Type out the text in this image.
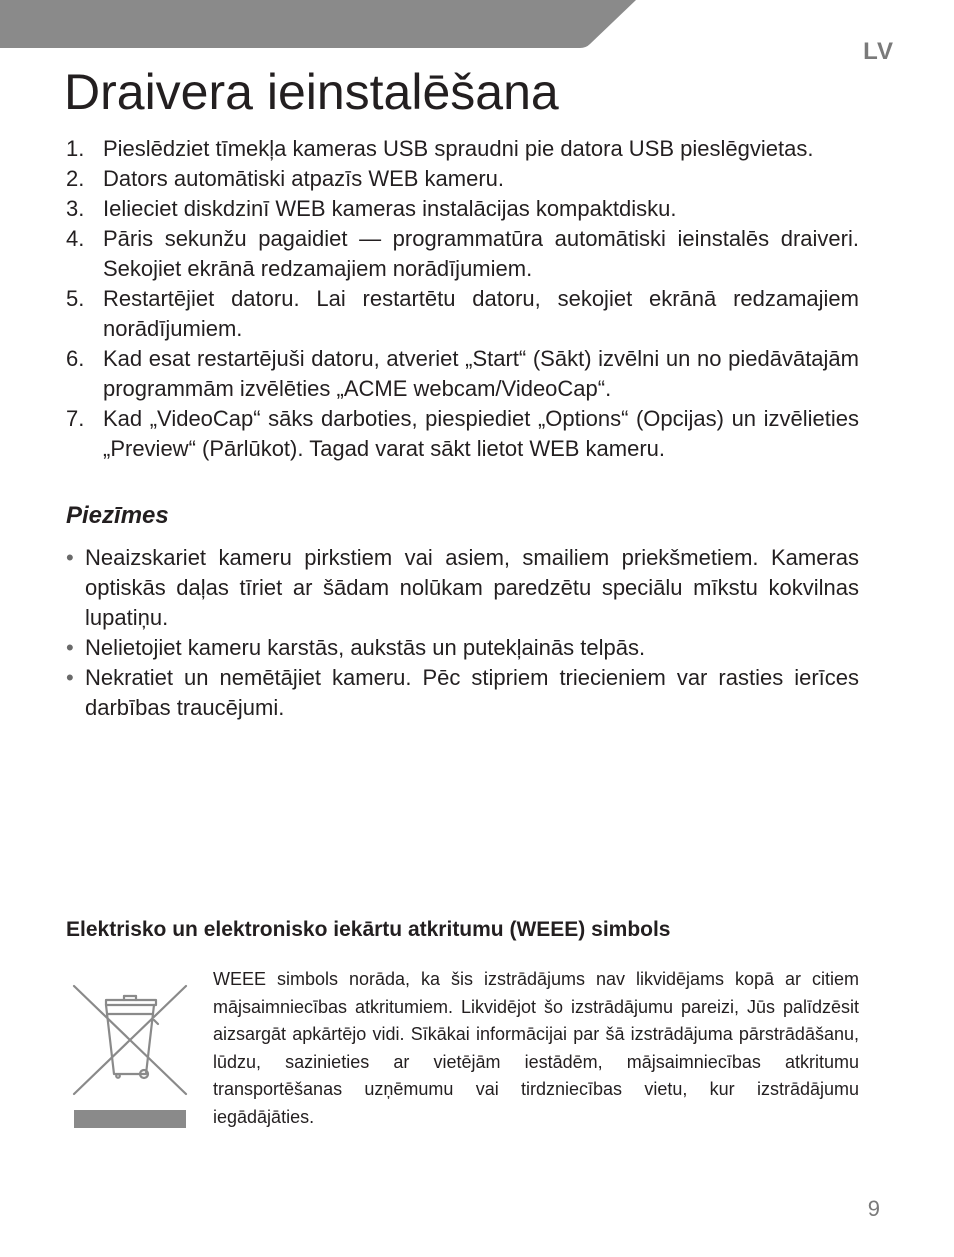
LV
Draivera ieinstalēšana
1. Pieslēdziet tīmekļa kameras USB spraudni pie datora USB pieslēgvietas.
2. Dators automātiski atpazīs WEB kameru.
3. Ielieciet diskdzinī WEB kameras instalācijas kompaktdisku.
4. Pāris sekunžu pagaidiet — programmatūra automātiski ieinstalēs draiveri. Sekojiet ekrānā redzamajiem norādījumiem.
5. Restartējiet datoru. Lai restartētu datoru, sekojiet ekrānā redzamajiem norādījumiem.
6. Kad esat restartējuši datoru, atveriet „Start“ (Sākt) izvēlni un no piedāvātajām programmām izvēlēties „ACME webcam/VideoCap“.
7. Kad „VideoCap“ sāks darboties, piespiediet „Options“ (Opcijas) un izvēlieties „Preview“ (Pārlūkot). Tagad varat sākt lietot WEB kameru.
Piezīmes
• Neaizskariet kameru pirkstiem vai asiem, smailiem priekšmetiem. Kameras optiskās daļas tīriet ar šādam nolūkam paredzētu speciālu mīkstu kokvilnas lupatiņu.
• Nelietojiet kameru karstās, aukstās un putekļainās telpās.
• Nekratiet un nemētājiet kameru. Pēc stipriem triecieniem var rasties ierīces darbības traucējumi.
Elektrisko un elektronisko iekārtu atkritumu (WEEE) simbols

WEEE simbols norāda, ka šis izstrādājums nav likvidējams kopā ar citiem mājsaimniecības atkritumiem. Likvidējot šo izstrādājumu pareizi, Jūs palīdzēsit aizsargāt apkārtējo vidi. Sīkākai informācijai par šā izstrādājuma pārstrādāšanu, lūdzu, sazinieties ar vietējām iestādēm, mājsaimniecības atkritumu transportēšanas uzņēmumu vai tirdzniecības vietu, kur izstrādājumu iegādājāties.

9
